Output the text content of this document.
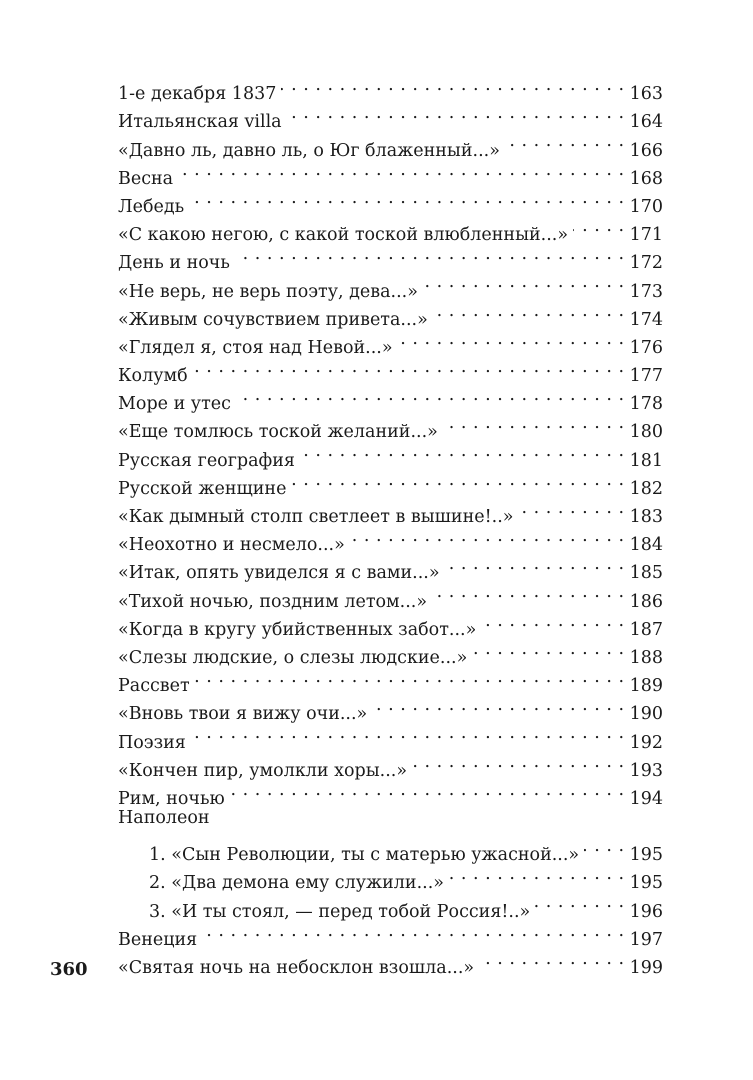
1-е декабря 1837 . . .	163
Итальянская villa . . .	164
«Давно ль, давно ль, о Юг блаженный...» . . .	166
Весна . . .	168
Лебедь . . .	170
«С какою негою, с какой тоской влюбленный...» . . .	171
День и ночь . . .	172
«Не верь, не верь поэту, дева...» . . .	173
«Живым сочувствием привета...» . . .	174
«Глядел я, стоя над Невой...» . . .	176
Колумб . . .	177
Море и утес . . .	178
«Еще томлюсь тоской желаний...» . . .	180
Русская география . . .	181
Русской женщине . . .	182
«Как дымный столп светлеет в вышине!..» . . .	183
«Неохотно и несмело...» . . .	184
«Итак, опять увиделся я с вами...» . . .	185
«Тихой ночью, поздним летом...» . . .	186
«Когда в кругу убийственных забот...» . . .	187
«Слезы людские, о слезы людские...» . . .	188
Рассвет . . .	189
«Вновь твои я вижу очи...» . . .	190
Поэзия . . .	192
«Кончен пир, умолкли хоры...» . . .	193
Рим, ночью . . .	194
Наполеон
1. «Сын Революции, ты с матерью ужасной...» . . .	195
2. «Два демона ему служили...» . . .	195
3. «И ты стоял, — перед тобой Россия!..» . . .	196
Венеция . . .	197
«Святая ночь на небосклон взошла...» . . .	199
360
